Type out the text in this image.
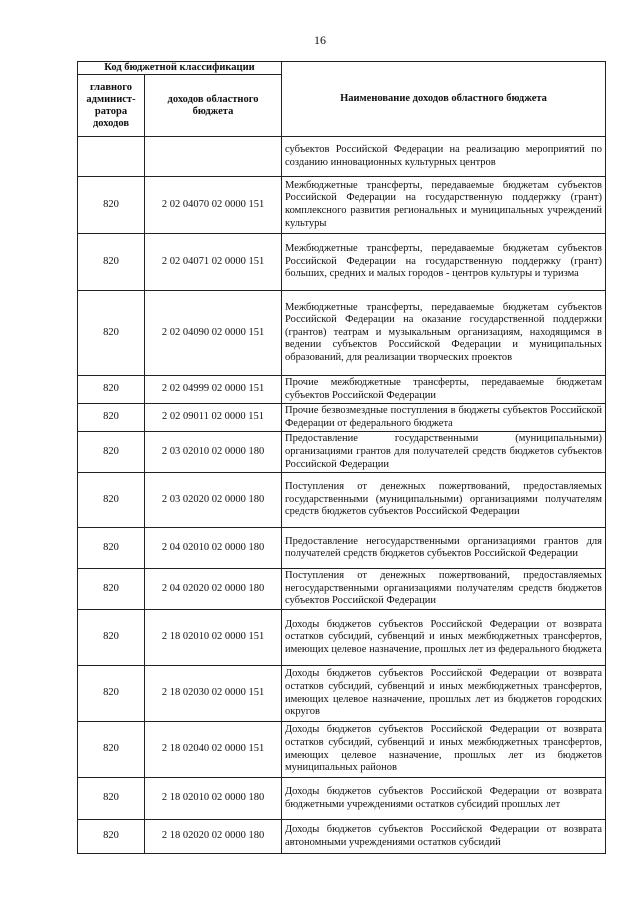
16
Код бюджетной классификации		Наименование доходов областного бюджета
главного админист-ратора доходов	доходов областного бюджета	
		субъектов Российской Федерации на реализацию мероприятий по созданию инновационных культурных центров
820	2 02 04070 02 0000 151	Межбюджетные трансферты, передаваемые бюджетам субъектов Российской Федерации на государственную поддержку (грант) комплексного развития региональных и муниципальных учреждений культуры
820	2 02 04071 02 0000 151	Межбюджетные трансферты, передаваемые бюджетам субъектов Российской Федерации на государственную поддержку (грант) больших, средних и малых городов - центров культуры и туризма
820	2 02 04090 02 0000 151	Межбюджетные трансферты, передаваемые бюджетам субъектов Российской Федерации на оказание государственной поддержки (грантов) театрам и музыкальным организациям, находящимся в ведении субъектов Российской Федерации и муниципальных образований, для реализации творческих проектов
820	2 02 04999 02 0000 151	Прочие межбюджетные трансферты, передаваемые бюджетам субъектов Российской Федерации
820	2 02 09011 02 0000 151	Прочие безвозмездные поступления в бюджеты субъектов Российской Федерации от федерального бюджета
820	2 03 02010 02 0000 180	Предоставление государственными (муниципальными) организациями грантов для получателей средств бюджетов субъектов Российской Федерации
820	2 03 02020 02 0000 180	Поступления от денежных пожертвований, предоставляемых государственными (муниципальными) организациями получателям средств бюджетов субъектов Российской Федерации
820	2 04 02010 02 0000 180	Предоставление негосударственными организациями грантов для получателей средств бюджетов субъектов Российской Федерации
820	2 04 02020 02 0000 180	Поступления от денежных пожертвований, предоставляемых негосударственными организациями получателям средств бюджетов субъектов Российской Федерации
820	2 18 02010 02 0000 151	Доходы бюджетов субъектов Российской Федерации от возврата остатков субсидий, субвенций и иных межбюджетных трансфертов, имеющих целевое назначение, прошлых лет из федерального бюджета
820	2 18 02030 02 0000 151	Доходы бюджетов субъектов Российской Федерации от возврата остатков субсидий, субвенций и иных межбюджетных трансфертов, имеющих целевое назначение, прошлых лет из бюджетов городских округов
820	2 18 02040 02 0000 151	Доходы бюджетов субъектов Российской Федерации от возврата остатков субсидий, субвенций и иных межбюджетных трансфертов, имеющих целевое назначение, прошлых лет из бюджетов муниципальных районов
820	2 18 02010 02 0000 180	Доходы бюджетов субъектов Российской Федерации от возврата бюджетными учреждениями остатков субсидий прошлых лет
820	2 18 02020 02 0000 180	Доходы бюджетов субъектов Российской Федерации от возврата автономными учреждениями остатков субсидий
